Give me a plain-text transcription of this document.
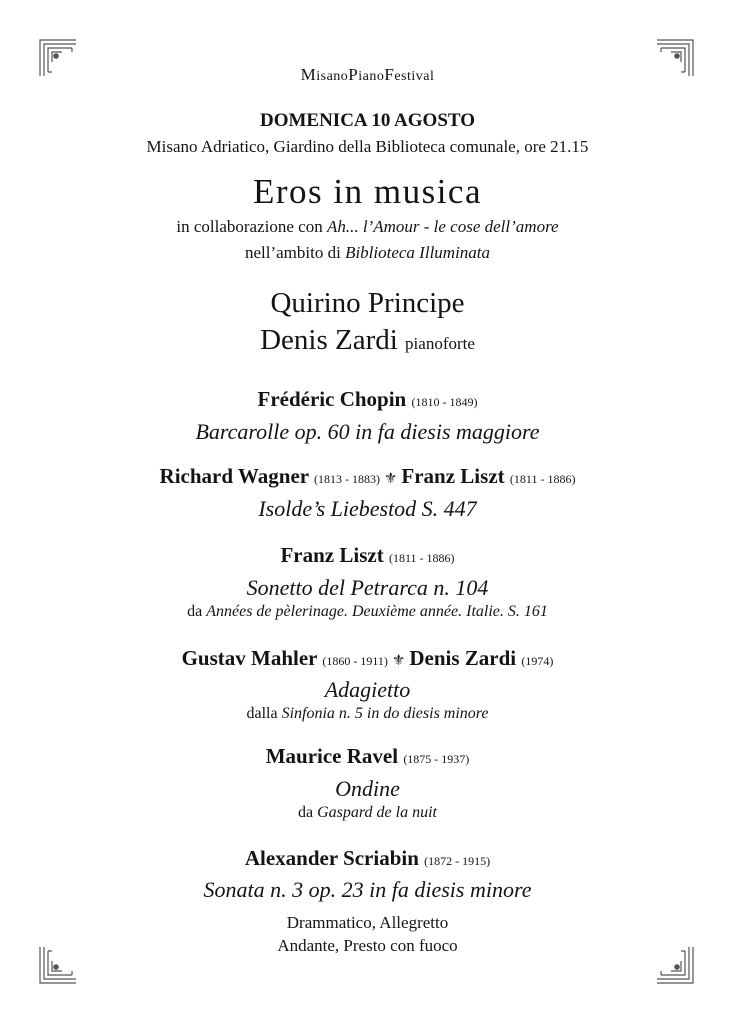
MisanoPianoFestival
DOMENICA 10 AGOSTO
Misano Adriatico, Giardino della Biblioteca comunale, ore 21.15
Eros in musica
in collaborazione con Ah... l’Amour - le cose dell’amore
nell’ambito di Biblioteca Illuminata
Quirino Principe
Denis Zardi pianoforte
Frédéric Chopin (1810 - 1849)
Barcarolle op. 60 in fa diesis maggiore
Richard Wagner (1813 - 1883) ⚜ Franz Liszt (1811 - 1886)
Isolde’s Liebestod S. 447
Franz Liszt (1811 - 1886)
Sonetto del Petrarca n. 104
da Années de pèlerinage. Deuxième année. Italie. S. 161
Gustav Mahler (1860 - 1911) ⚜ Denis Zardi (1974)
Adagietto
dalla Sinfonia n. 5 in do diesis minore
Maurice Ravel (1875 - 1937)
Ondine
da Gaspard de la nuit
Alexander Scriabin (1872 - 1915)
Sonata n. 3 op. 23 in fa diesis minore
Drammatico, Allegretto
Andante, Presto con fuoco
